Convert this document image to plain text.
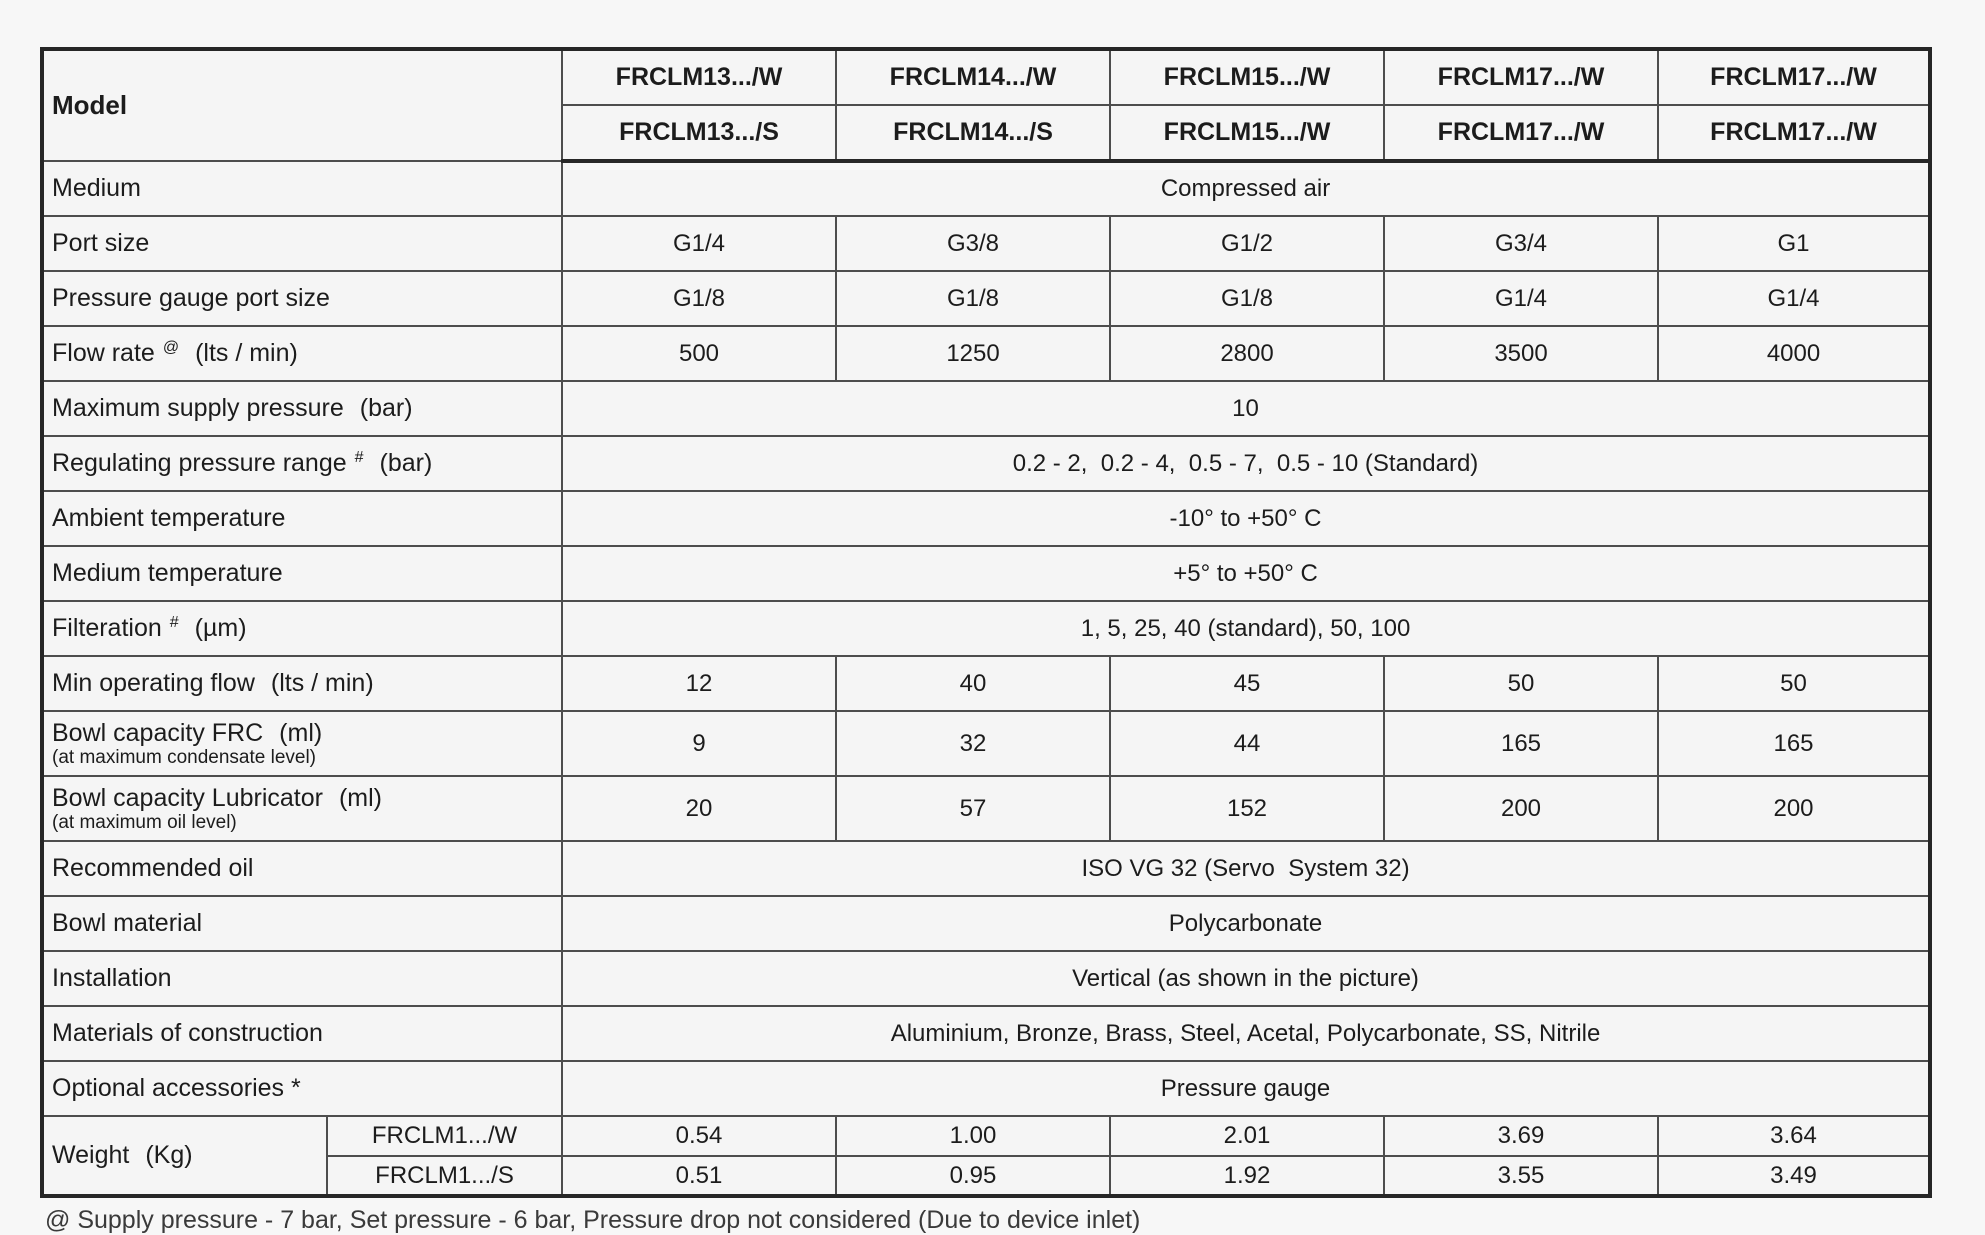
Model		FRCLM13.../W	FRCLM14.../W	FRCLM15.../W	FRCLM17.../W	FRCLM17.../W
		FRCLM13.../S	FRCLM14.../S	FRCLM15.../W	FRCLM17.../W	FRCLM17.../W
Medium		Compressed air				
Port size		G1/4	G3/8	G1/2	G3/4	G1
Pressure gauge port size		G1/8	G1/8	G1/8	G1/4	G1/4
Flow rate @ (lts / min)		500	1250	2800	3500	4000
Maximum supply pressure (bar)		10				
Regulating pressure range # (bar)		0.2 - 2,  0.2 - 4,  0.5 - 7,  0.5 - 10 (Standard)				
Ambient temperature		-10° to +50° C				
Medium temperature		+5° to +50° C				
Filteration # (µm)		1, 5, 25, 40 (standard), 50, 100				
Min operating flow (lts / min)		12	40	45	50	50
Bowl capacity FRC (ml)
(at maximum condensate level)		9	32	44	165	165
Bowl capacity Lubricator (ml)
(at maximum oil level)		20	57	152	200	200
Recommended oil		ISO VG 32 (Servo  System 32)				
Bowl material		Polycarbonate				
Installation		Vertical (as shown in the picture)				
Materials of construction		Aluminium, Bronze, Brass, Steel, Acetal, Polycarbonate, SS, Nitrile				
Optional accessories *		Pressure gauge				
Weight (Kg)	FRCLM1.../W	0.54	1.00	2.01	3.69	3.64
	FRCLM1.../S	0.51	0.95	1.92	3.55	3.49
@ Supply pressure - 7 bar, Set pressure - 6 bar, Pressure drop not considered (Due to device inlet)
